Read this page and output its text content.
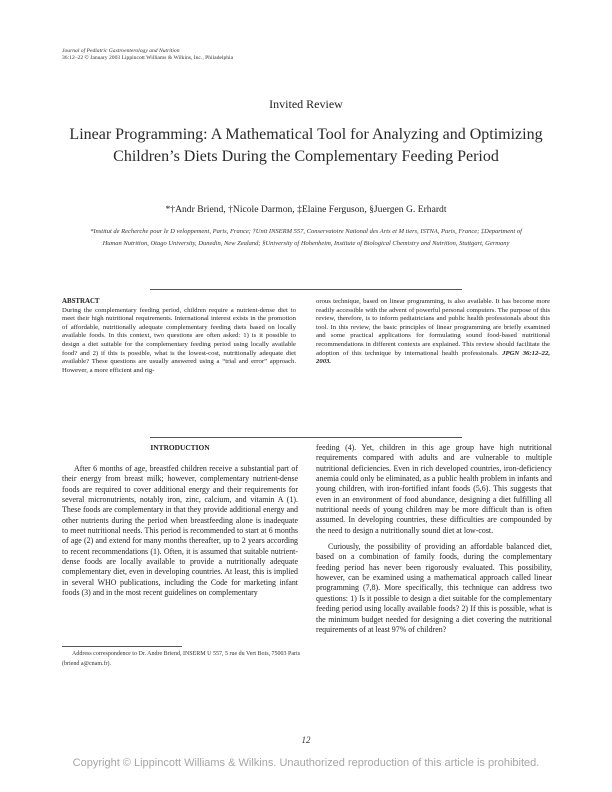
Journal of Pediatric Gastroenterology and Nutrition
36:12–22 © January 2003 Lippincott Williams & Wilkins, Inc., Philadelphia
Invited Review
Linear Programming: A Mathematical Tool for Analyzing and Optimizing Children’s Diets During the Complementary Feeding Period
*†Andr Briend, †Nicole Darmon, ‡Elaine Ferguson, §Juergen G. Erhardt
*Institut de Recherche pour le D veloppement, Paris, France; †Unit INSERM 557, Conservatoire National des Arts et M tiers, ISTNA, Paris, France; ‡Department of Human Nutrition, Otago University, Dunedin, New Zealand; §University of Hohenheim, Institute of Biological Chemistry and Nutrition, Stuttgart, Germany
ABSTRACT
During the complementary feeding period, children require a nutrient-dense diet to meet their high nutritional requirements. International interest exists in the promotion of affordable, nutritionally adequate complementary feeding diets based on locally available foods. In this context, two questions are often asked: 1) is it possible to design a diet suitable for the complementary feeding period using locally available food? and 2) if this is possible, what is the lowest-cost, nutritionally adequate diet available? These questions are usually answered using a “trial and error” approach. However, a more efficient and rig-
orous technique, based on linear programming, is also available. It has become more readily accessible with the advent of powerful personal computers. The purpose of this review, therefore, is to inform pediatricians and public health professionals about this tool. In this review, the basic principles of linear programming are briefly examined and some practical applications for formulating sound food-based nutritional recommendations in different contexts are explained. This review should facilitate the adoption of this technique by international health professionals. JPGN 36:12–22, 2003.
INTRODUCTION

After 6 months of age, breastfed children receive a substantial part of their energy from breast milk; however, complementary nutrient-dense foods are required to cover additional energy and their requirements for several micronutrients, notably iron, zinc, calcium, and vitamin A (1). These foods are complementary in that they provide additional energy and other nutrients during the period when breastfeeding alone is inadequate to meet nutritional needs. This period is recommended to start at 6 months of age (2) and extend for many months thereafter, up to 2 years according to recent recommendations (1). Often, it is assumed that suitable nutrient-dense foods are locally available to provide a nutritionally adequate complementary diet, even in developing countries. At least, this is implied in several WHO publications, including the Code for marketing infant foods (3) and in the most recent guidelines on complementary

feeding (4). Yet, children in this age group have high nutritional requirements compared with adults and are vulnerable to multiple nutritional deficiencies. Even in rich developed countries, iron-deficiency anemia could only be eliminated, as a public health problem in infants and young children, with iron-fortified infant foods (5,6). This suggests that even in an environment of food abundance, designing a diet fulfilling all nutritional needs of young children may be more difficult than is often assumed. In developing countries, these difficulties are compounded by the need to design a nutritionally sound diet at low-cost.

Curiously, the possibility of providing an affordable balanced diet, based on a combination of family foods, during the complementary feeding period has never been rigorously evaluated. This possibility, however, can be examined using a mathematical approach called linear programming (7,8). More specifically, this technique can address two questions: 1) Is it possible to design a diet suitable for the complementary feeding period using locally available foods? 2) If this is possible, what is the minimum budget needed for designing a diet covering the nutritional requirements of at least 97% of children?

Address correspondence to Dr. Andre Briend, INSERM U 557, 5 rue du Vert Bois, 75003 Paris (briend a@cnam.fr).
12
Copyright © Lippincott Williams & Wilkins. Unauthorized reproduction of this article is prohibited.
